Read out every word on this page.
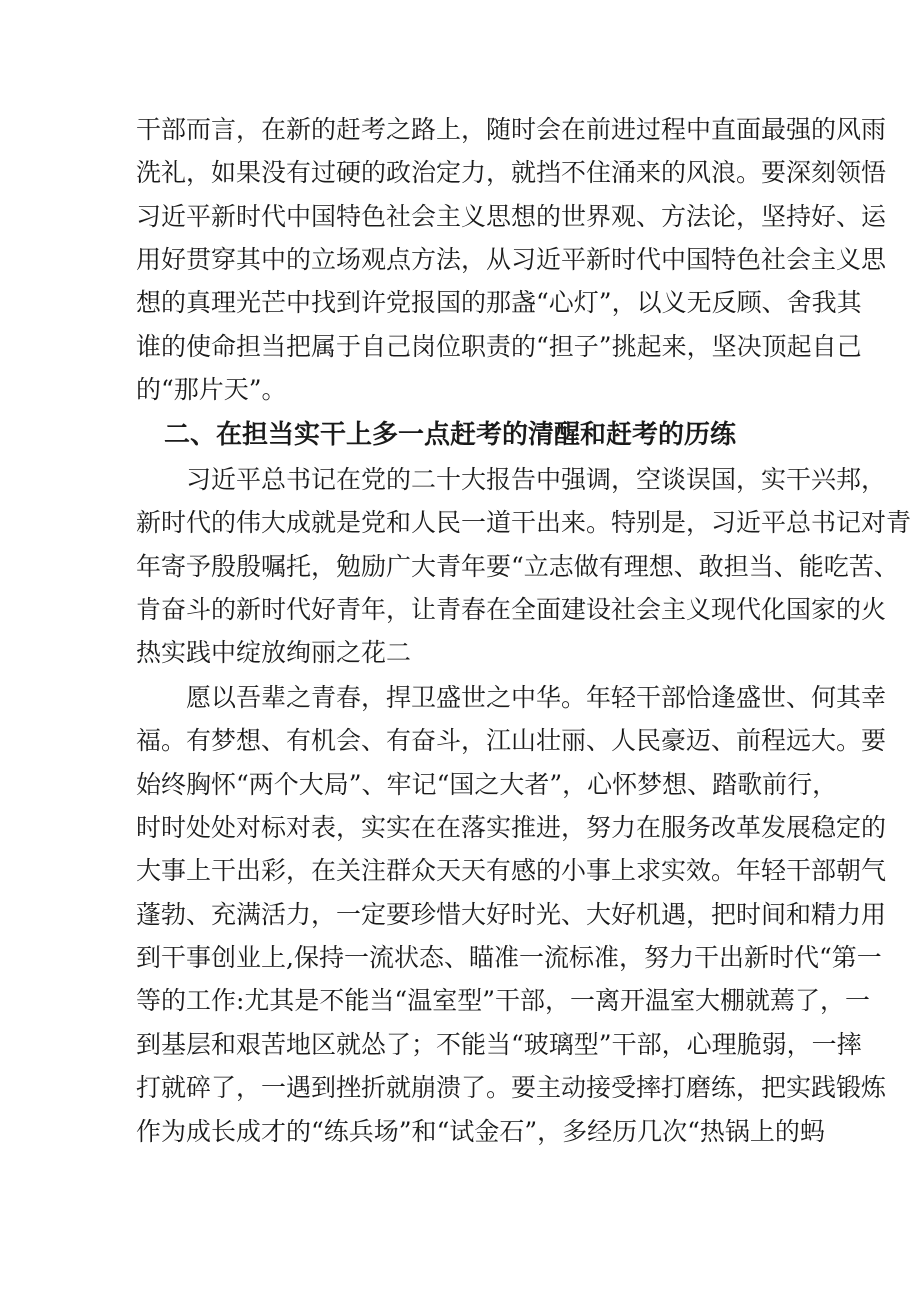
干部而言，在新的赶考之路上，随时会在前进过程中直面最强的风雨
洗礼，如果没有过硬的政治定力，就挡不住涌来的风浪。要深刻领悟
习近平新时代中国特色社会主义思想的世界观、方法论，坚持好、运
用好贯穿其中的立场观点方法，从习近平新时代中国特色社会主义思
想的真理光芒中找到许党报国的那盏“心灯”，以义无反顾、舍我其
谁的使命担当把属于自己岗位职责的“担子”挑起来，坚决顶起自己
的“那片天”。
二、在担当实干上多一点赶考的清醒和赶考的历练
习近平总书记在党的二十大报告中强调，空谈误国，实干兴邦，
新时代的伟大成就是党和人民一道干出来。特别是，习近平总书记对青
年寄予殷殷嘱托，勉励广大青年要“立志做有理想、敢担当、能吃苦、
肯奋斗的新时代好青年，让青春在全面建设社会主义现代化国家的火
热实践中绽放绚丽之花二
愿以吾辈之青春，捍卫盛世之中华。年轻干部恰逢盛世、何其幸
福。有梦想、有机会、有奋斗，江山壮丽、人民豪迈、前程远大。要
始终胸怀“两个大局”、牢记“国之大者”，心怀梦想、踏歌前行，
时时处处对标对表，实实在在落实推进，努力在服务改革发展稳定的
大事上干出彩，在关注群众天天有感的小事上求实效。年轻干部朝气
蓬勃、充满活力，一定要珍惜大好时光、大好机遇，把时间和精力用
到干事创业上,保持一流状态、瞄准一流标准，努力干出新时代“第一
等的工作:尤其是不能当“温室型”干部，一离开温室大棚就蔫了，一
到基层和艰苦地区就怂了；不能当“玻璃型”干部，心理脆弱，一摔
打就碎了，一遇到挫折就崩溃了。要主动接受摔打磨练，把实践锻炼
作为成长成才的“练兵场”和“试金石”，多经历几次“热锅上的蚂
